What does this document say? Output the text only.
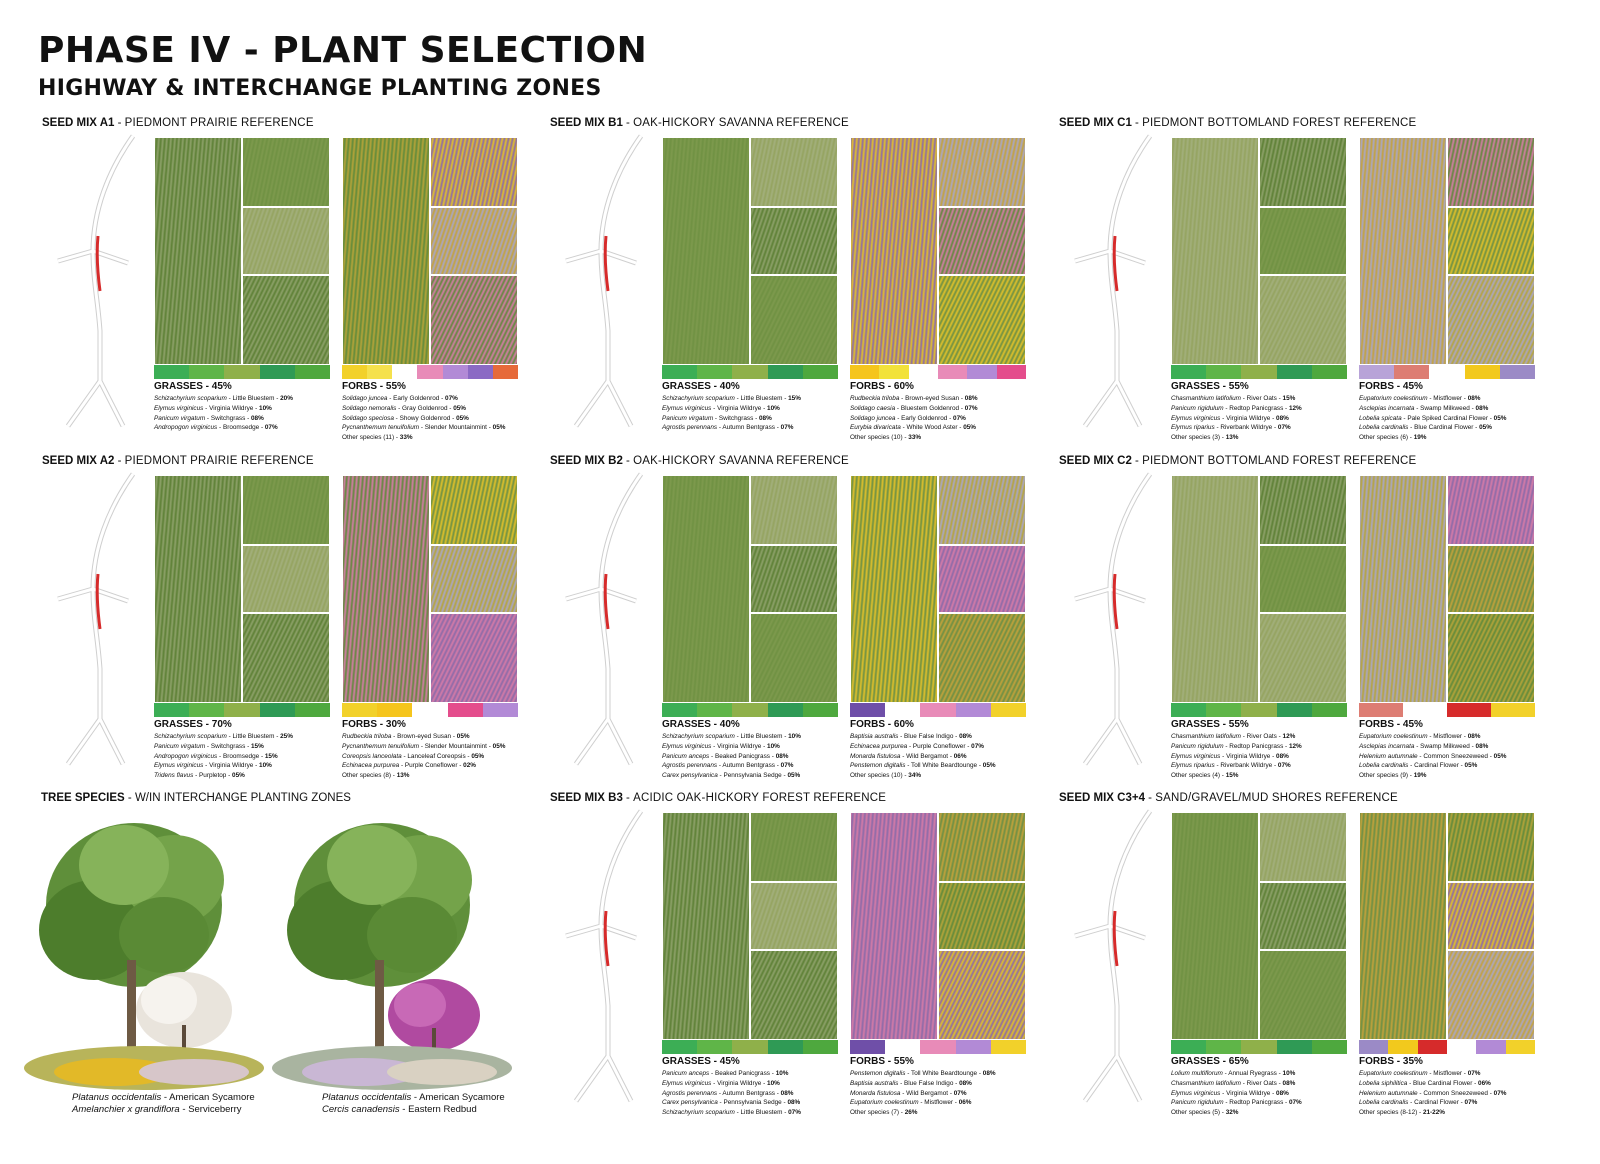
PHASE IV - PLANT SELECTION
HIGHWAY & INTERCHANGE PLANTING ZONES
SEED MIX A1 - PIEDMONT PRAIRIE REFERENCE
GRASSES - 45%	FORBS - 55%
Schizachyrium scoparium - Little Bluestem - 20%
Elymus virginicus - Virginia Wildrye - 10%
Panicum virgatum - Switchgrass - 08%
Andropogon virginicus - Broomsedge - 07%
Solidago juncea - Early Goldenrod - 07%
Solidago nemoralis - Gray Goldenrod - 05%
Solidago speciosa - Showy Goldenrod - 05%
Pycnanthemum tenuifolium - Slender Mountainmint - 05%
Other species (11) - 33%
SEED MIX B1 - OAK-HICKORY SAVANNA REFERENCE
GRASSES - 40%	FORBS - 60%
Schizachyrium scoparium - Little Bluestem - 15%
Elymus virginicus - Virginia Wildrye - 10%
Panicum virgatum - Switchgrass - 08%
Agrostis perennans - Autumn Bentgrass - 07%
Rudbeckia triloba - Brown-eyed Susan - 08%
Solidago caesia - Bluestem Goldenrod - 07%
Solidago juncea - Early Goldenrod - 07%
Eurybia divaricata - White Wood Aster - 05%
Other species (10) - 33%
SEED MIX C1 - PIEDMONT BOTTOMLAND FOREST REFERENCE
GRASSES - 55%	FORBS - 45%
Chasmanthium latifolium - River Oats - 15%
Panicum rigidulum - Redtop Panicgrass - 12%
Elymus virginicus - Virginia Wildrye - 08%
Elymus riparius - Riverbank Wildrye - 07%
Other species (3) - 13%
Eupatorium coelestinum - Mistflower - 08%
Asclepias incarnata - Swamp Milkweed - 08%
Lobelia spicata - Pale Spiked Cardinal Flower - 05%
Lobelia cardinalis - Blue Cardinal Flower - 05%
Other species (6) - 19%
SEED MIX A2 - PIEDMONT PRAIRIE REFERENCE
GRASSES - 70%	FORBS - 30%
Schizachyrium scoparium - Little Bluestem - 25%
Panicum virgatum - Switchgrass - 15%
Andropogon virginicus - Broomsedge - 15%
Elymus virginicus - Virginia Wildrye - 10%
Tridens flavus - Purpletop - 05%
Rudbeckia triloba - Brown-eyed Susan - 05%
Pycnanthemum tenuifolium - Slender Mountainmint - 05%
Coreopsis lanceolata - Lanceleaf Coreopsis - 05%
Echinacea purpurea - Purple Coneflower - 02%
Other species (8) - 13%
SEED MIX B2 - OAK-HICKORY SAVANNA REFERENCE
GRASSES - 40%	FORBS - 60%
Schizachyrium scoparium - Little Bluestem - 10%
Elymus virginicus - Virginia Wildrye - 10%
Panicum anceps - Beaked Panicgrass - 08%
Agrostis perennans - Autumn Bentgrass - 07%
Carex pensylvanica - Pennsylvania Sedge - 05%
Baptisia australis - Blue False Indigo - 08%
Echinacea purpurea - Purple Coneflower - 07%
Monarda fistulosa - Wild Bergamot - 06%
Penstemon digitalis - Toll White Beardtounge - 05%
Other species (10) - 34%
SEED MIX C2 - PIEDMONT BOTTOMLAND FOREST REFERENCE
GRASSES - 55%	FORBS - 45%
Chasmanthium latifolium - River Oats - 12%
Panicum rigidulum - Redtop Panicgrass - 12%
Elymus virginicus - Virginia Wildrye - 08%
Elymus riparius - Riverbank Wildrye - 07%
Other species (4) - 15%
Eupatorium coelestinum - Mistflower - 08%
Asclepias incarnata - Swamp Milkweed - 08%
Helenium autumnale - Common Sneezeweed - 05%
Lobelia cardinalis - Cardinal Flower - 05%
Other species (9) - 19%
SEED MIX B3 - ACIDIC OAK-HICKORY FOREST REFERENCE
GRASSES - 45%	FORBS - 55%
Panicum anceps - Beaked Panicgrass - 10%
Elymus virginicus - Virginia Wildrye - 10%
Agrostis perennans - Autumn Bentgrass - 08%
Carex pensylvanica - Pennsylvania Sedge - 08%
Schizachyrium scoparium - Little Bluestem - 07%
Penstemon digitalis - Toll White Beardtounge - 08%
Baptisia australis - Blue False Indigo - 08%
Monarda fistulosa - Wild Bergamot - 07%
Eupatorium coelestinum - Mistflower - 06%
Other species (7) - 26%
SEED MIX C3+4 - SAND/GRAVEL/MUD SHORES REFERENCE
GRASSES - 65%	FORBS - 35%
Lolium multiflorum - Annual Ryegrass - 10%
Chasmanthium latifolium - River Oats - 08%
Elymus virginicus - Virginia Wildrye - 08%
Panicum rigidulum - Redtop Panicgrass - 07%
Other species (5) - 32%
Eupatorium coelestinum - Mistflower - 07%
Lobelia siphilitica - Blue Cardinal Flower - 06%
Helenium autumnale - Common Sneezeweed - 07%
Lobelia cardinalis - Cardinal Flower - 07%
Other species (8-12) - 21-22%
TREE SPECIES - W/IN INTERCHANGE PLANTING ZONES
Platanus occidentalis - American Sycamore
Amelanchier x grandiflora - Serviceberry
Platanus occidentalis - American Sycamore
Cercis canadensis - Eastern Redbud
